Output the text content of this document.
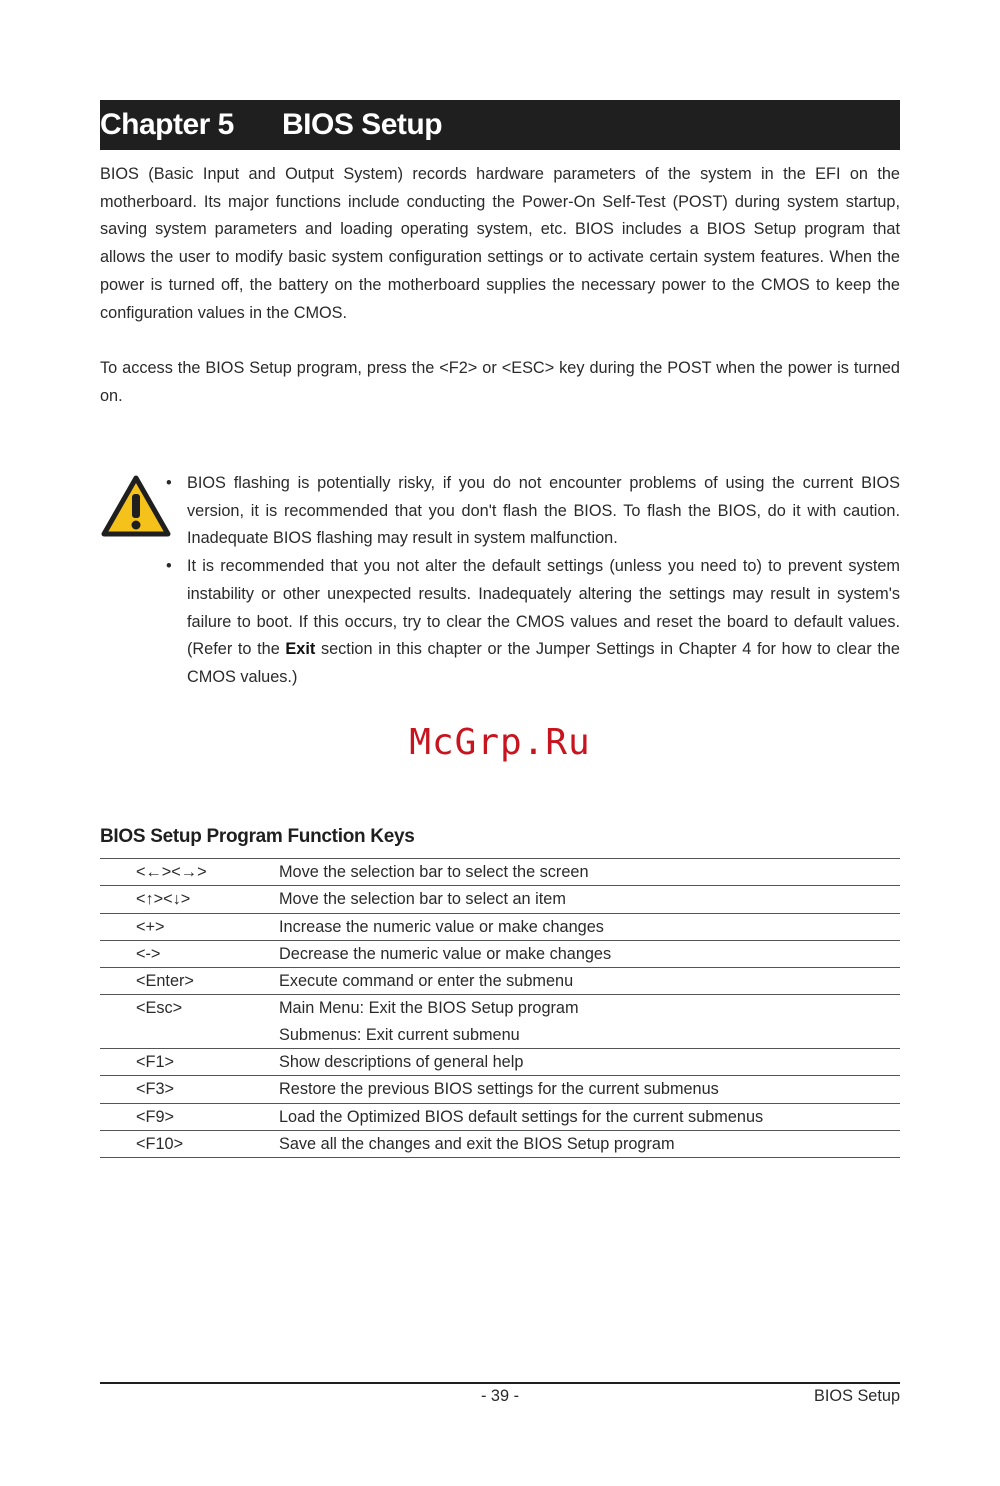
Chapter 5 BIOS Setup

BIOS (Basic Input and Output System) records hardware parameters of the system in the EFI on the motherboard. Its major functions include conducting the Power-On Self-Test (POST) during system startup, saving system parameters and loading operating system, etc. BIOS includes a BIOS Setup program that allows the user to modify basic system configuration settings or to activate certain system features. When the power is turned off, the battery on the motherboard supplies the necessary power to the CMOS to keep the configuration values in the CMOS.

To access the BIOS Setup program, press the <F2> or <ESC> key during the POST when the power is turned on.

• BIOS flashing is potentially risky, if you do not encounter problems of using the current BIOS version, it is recommended that you don't flash the BIOS. To flash the BIOS, do it with caution. Inadequate BIOS flashing may result in system malfunction.
• It is recommended that you not alter the default settings (unless you need to) to prevent system instability or other unexpected results. Inadequately altering the settings may result in system's failure to boot. If this occurs, try to clear the CMOS values and reset the board to default values. (Refer to the Exit section in this chapter or the Jumper Settings in Chapter 4 for how to clear the CMOS values.)
McGrp.Ru
BIOS Setup Program Function Keys
<←><→>	Move the selection bar to select the screen

<↑><↓>	Move the selection bar to select an item

<+>	Increase the numeric value or make changes

<->	Decrease the numeric value or make changes

<Enter>	Execute command or enter the submenu

<Esc>	Main Menu: Exit the BIOS Setup program
Submenus: Exit current submenu

<F1>	Show descriptions of general help

<F3>	Restore the previous BIOS settings for the current submenus

<F9>	Load the Optimized BIOS default settings for the current submenus

<F10>	Save all the changes and exit the BIOS Setup program
- 39 -	BIOS Setup
